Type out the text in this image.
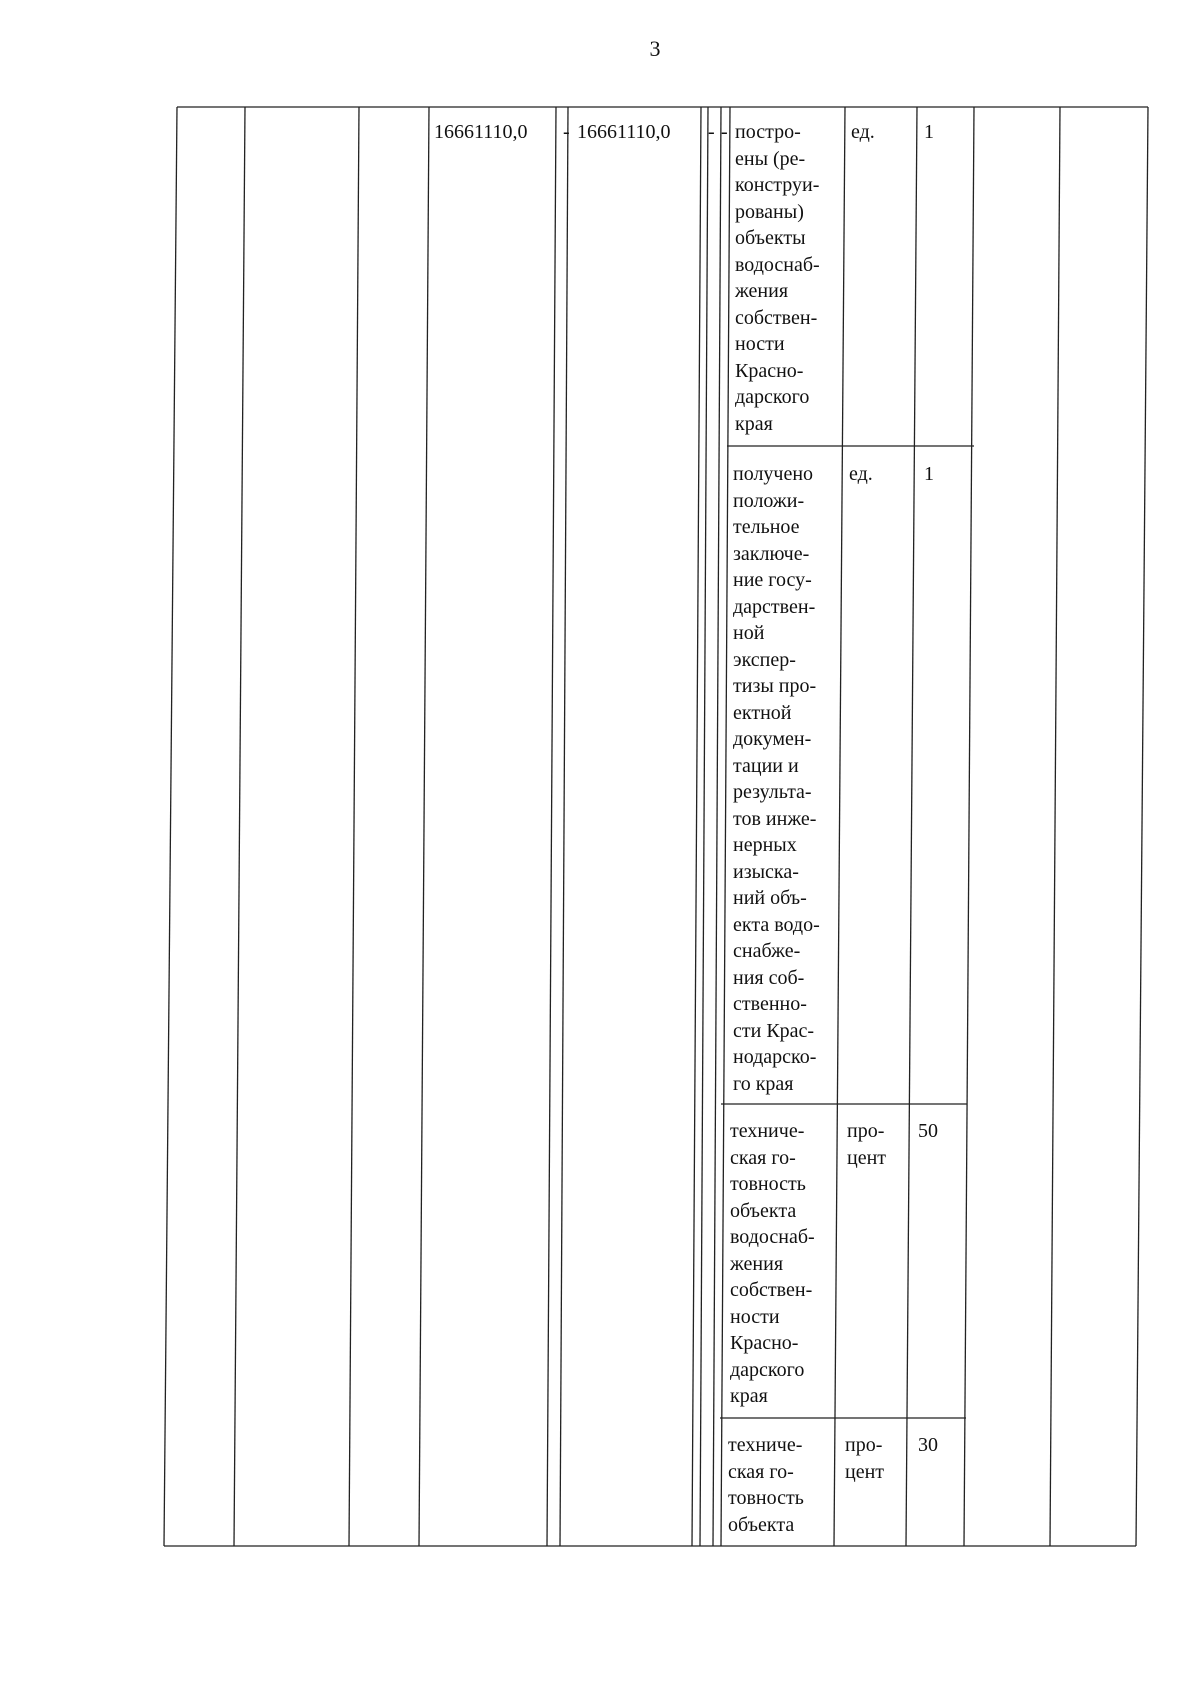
3
16661110,0 - 16661110,0 - - постро-
ены (ре-
конструи-
рованы)
объекты
водоснаб-
жения
собствен-
ности
Красно-
дарского
края
ед.	1
получено
положи-
тельное
заключе-
ние госу-
дарствен-
ной
экспер-
тизы про-
ектной
докумен-
тации и
результа-
тов инже-
нерных
изыска-
ний объ-
екта водо-
снабже-
ния соб-
ственно-
сти Крас-
нодарско-
го края
ед.	1
техниче-
ская го-
товность
объекта
водоснаб-
жения
собствен-
ности
Красно-
дарского
края
про-
цент
50
техниче-
ская го-
товность
объекта
про-
цент
30
